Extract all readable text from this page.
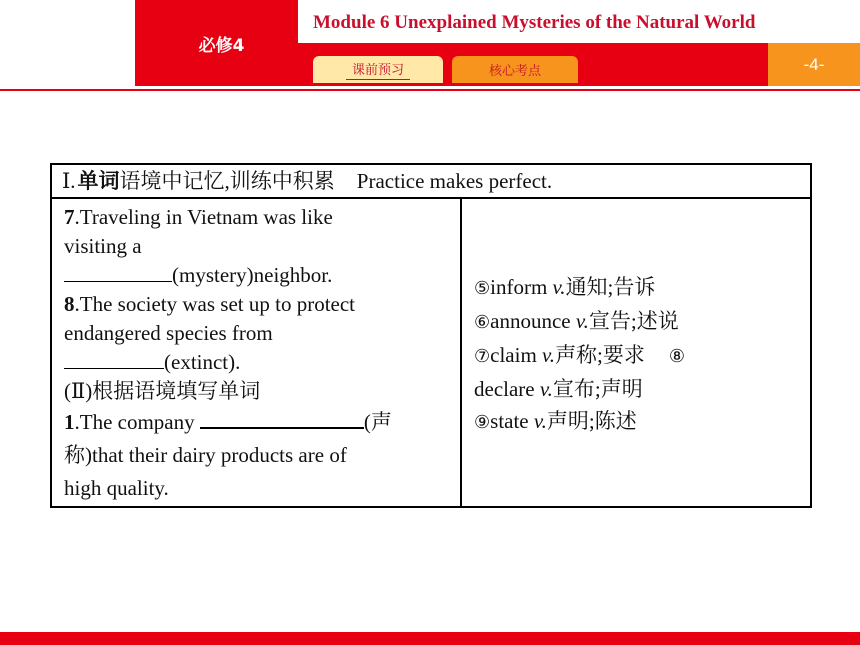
必修4
Module 6 Unexplained Mysteries of the Natural World
课前预习	核心考点	-4-
Ⅰ. 单词 语境中记忆,训练中积累 Practice makes perfect.
7.Traveling in Vietnam was like
visiting a
(mystery)neighbor.
8.The society was set up to protect
endangered species from
(extinct).
(Ⅱ)根据语境填写单词
1.The company	(声
称)that their dairy products are of
high quality.
⑤inform v.通知;告诉
⑥announce v.宣告;述说
⑦claim v.声称;要求 ⑧
declare v.宣布;声明
⑨state v.声明;陈述
